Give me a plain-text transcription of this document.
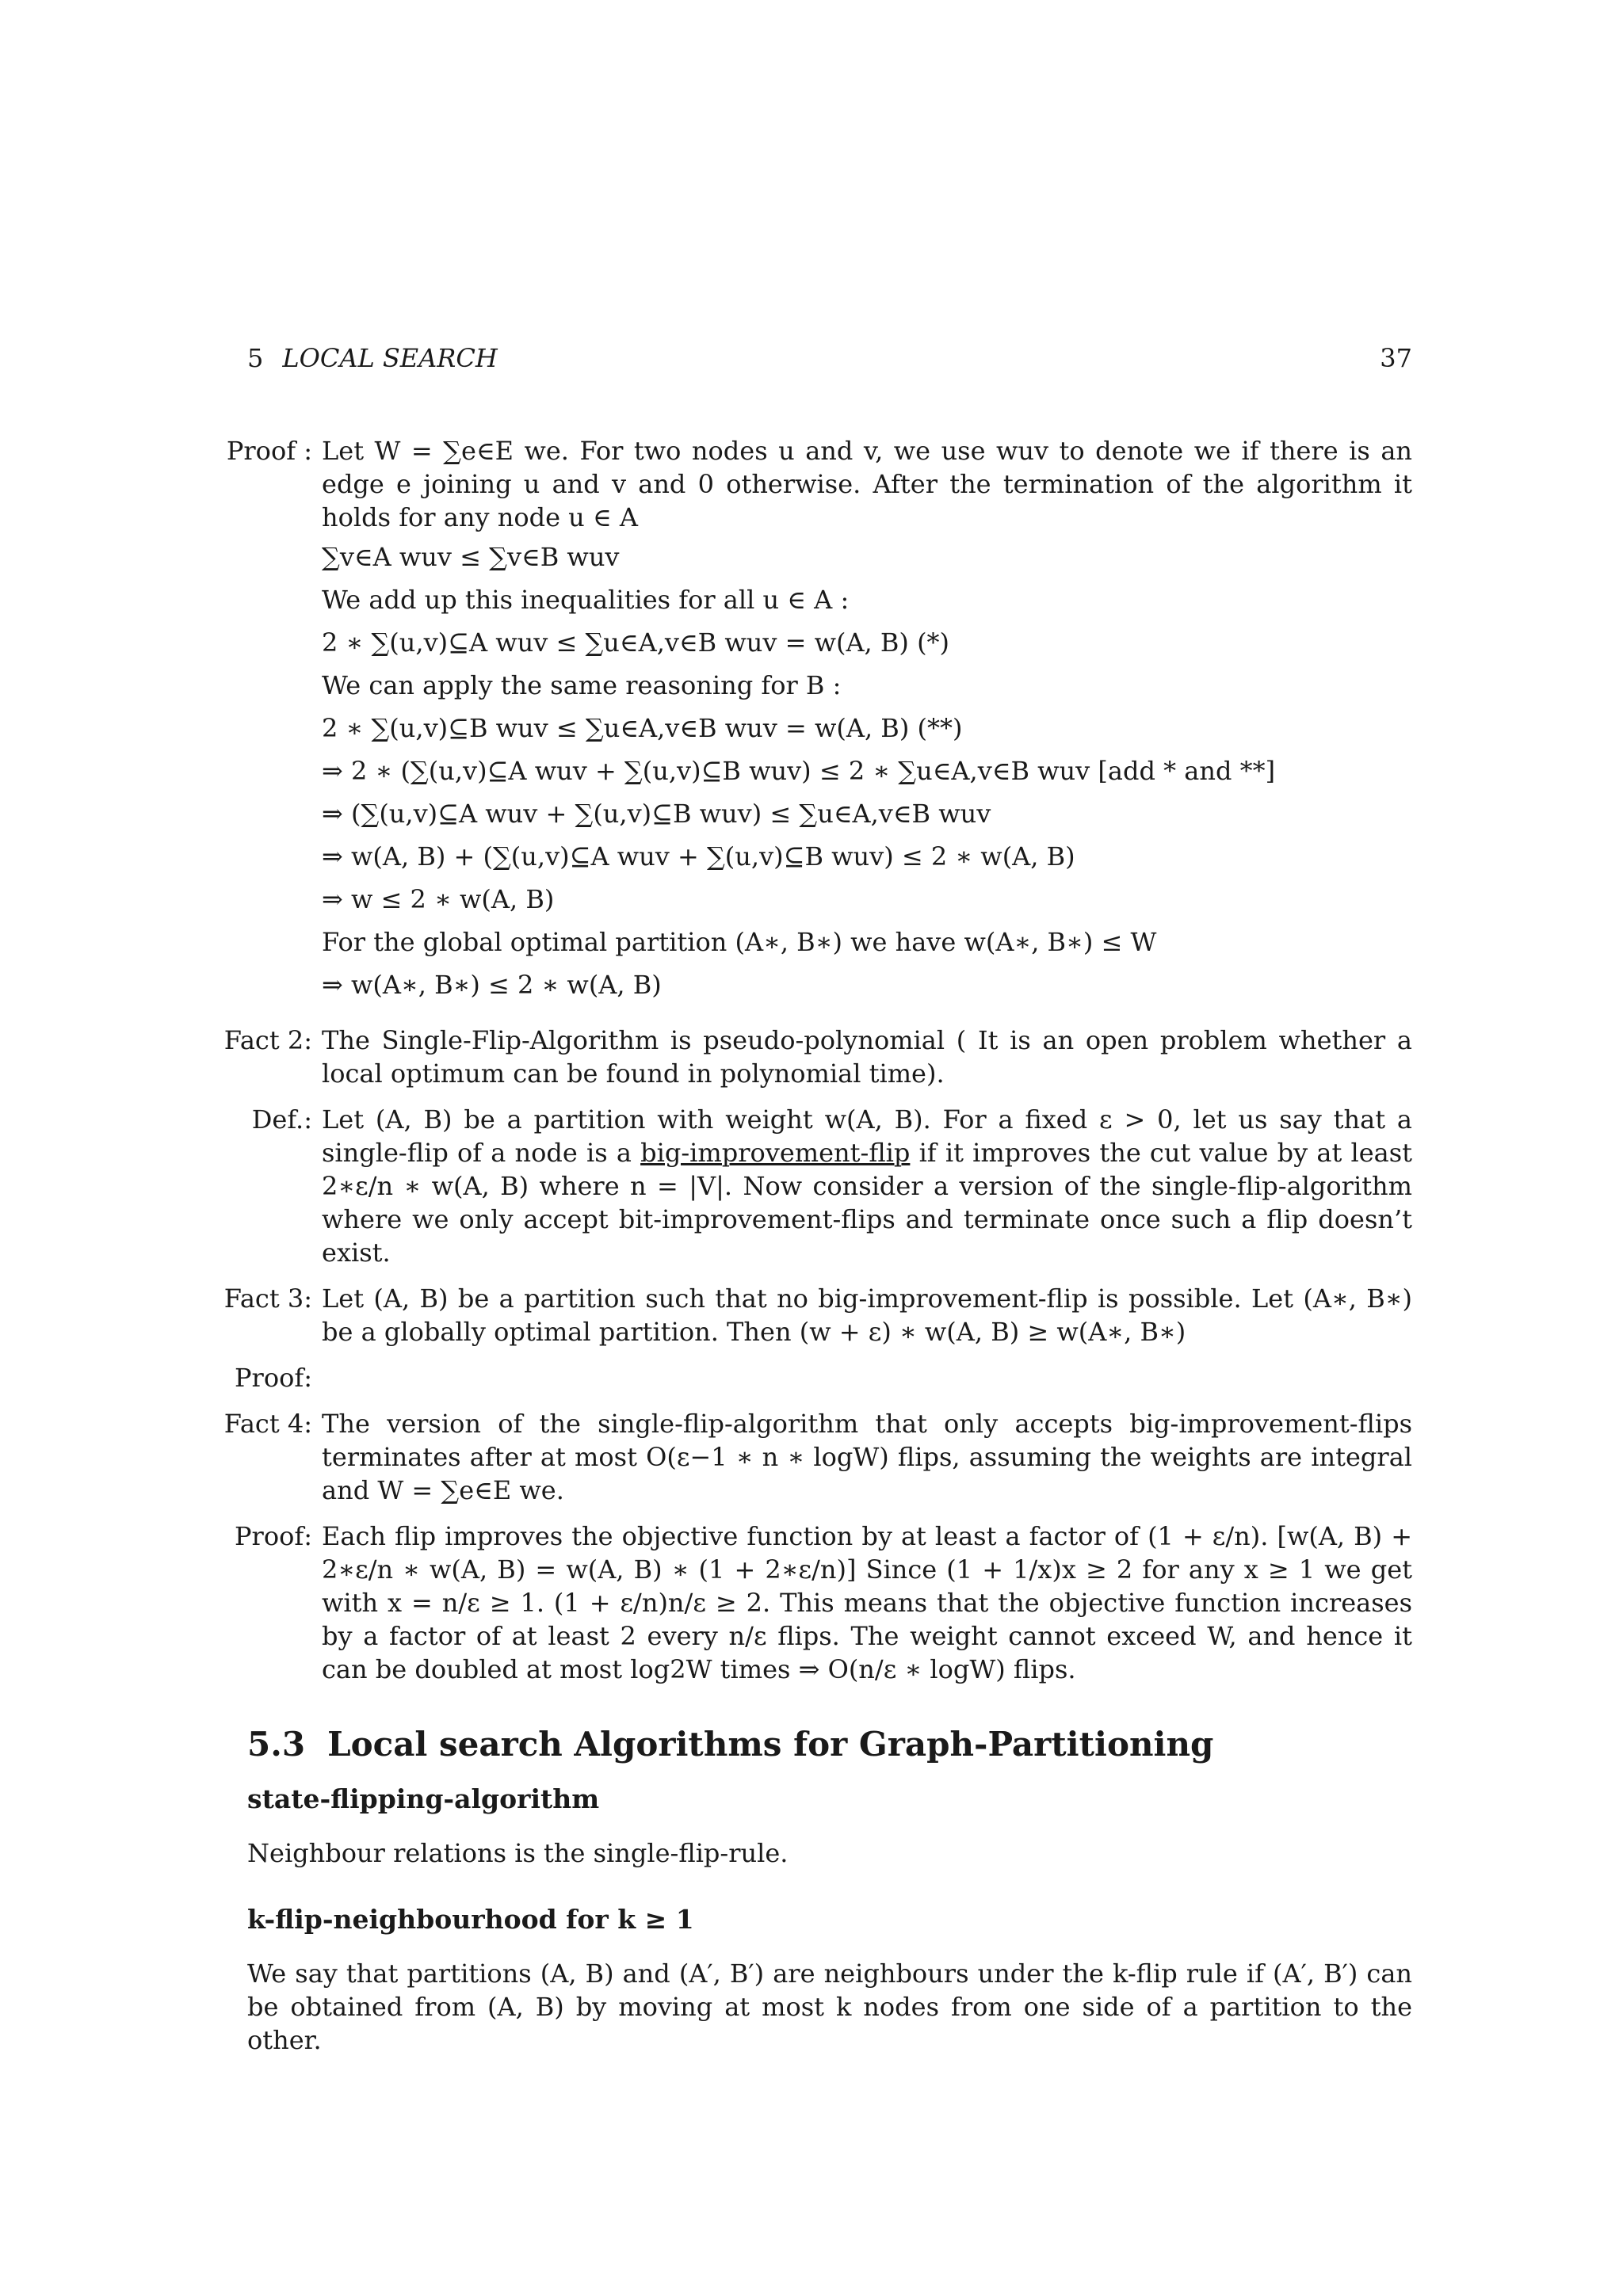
5 LOCAL SEARCH	37
Proof : Let W = ∑e∈E we. For two nodes u and v, we use wuv to denote we if there is an edge e joining u and v and 0 otherwise. After the termination of the algorithm it holds for any node u ∈ A
∑v∈A wuv ≤ ∑v∈B wuv
We add up this inequalities for all u ∈ A :
2 ∗ ∑(u,v)⊆A wuv ≤ ∑u∈A,v∈B wuv = w(A, B) (*)
We can apply the same reasoning for B :
2 ∗ ∑(u,v)⊆B wuv ≤ ∑u∈A,v∈B wuv = w(A, B) (**)
⇒ 2 ∗ (∑(u,v)⊆A wuv + ∑(u,v)⊆B wuv) ≤ 2 ∗ ∑u∈A,v∈B wuv [add * and **]
⇒ (∑(u,v)⊆A wuv + ∑(u,v)⊆B wuv) ≤ ∑u∈A,v∈B wuv
⇒ w(A, B) + (∑(u,v)⊆A wuv + ∑(u,v)⊆B wuv) ≤ 2 ∗ w(A, B)
⇒ w ≤ 2 ∗ w(A, B)
For the global optimal partition (A∗, B∗) we have w(A∗, B∗) ≤ W
⇒ w(A∗, B∗) ≤ 2 ∗ w(A, B)
Fact 2: The Single-Flip-Algorithm is pseudo-polynomial ( It is an open problem whether a local optimum can be found in polynomial time).
Def.: Let (A, B) be a partition with weight w(A, B). For a fixed ε > 0, let us say that a single-flip of a node is a big-improvement-flip if it improves the cut value by at least 2∗ε/n ∗ w(A, B) where n = |V|. Now consider a version of the single-flip-algorithm where we only accept bit-improvement-flips and terminate once such a flip doesn’t exist.
Fact 3: Let (A, B) be a partition such that no big-improvement-flip is possible. Let (A∗, B∗) be a globally optimal partition. Then (w + ε) ∗ w(A, B) ≥ w(A∗, B∗)
Proof:
Fact 4: The version of the single-flip-algorithm that only accepts big-improvement-flips terminates after at most O(ε−1 ∗ n ∗ logW) flips, assuming the weights are integral and W = ∑e∈E we.
Proof: Each flip improves the objective function by at least a factor of (1 + ε/n). [w(A, B) + 2∗ε/n ∗ w(A, B) = w(A, B) ∗ (1 + 2∗ε/n)] Since (1 + 1/x)x ≥ 2 for any x ≥ 1 we get with x = n/ε ≥ 1. (1 + ε/n)n/ε ≥ 2. This means that the objective function increases by a factor of at least 2 every n/ε flips. The weight cannot exceed W, and hence it can be doubled at most log2W times ⇒ O(n/ε ∗ logW) flips.
5.3 Local search Algorithms for Graph-Partitioning
state-flipping-algorithm
Neighbour relations is the single-flip-rule.
k-flip-neighbourhood for k ≥ 1
We say that partitions (A, B) and (A′, B′) are neighbours under the k-flip rule if (A′, B′) can be obtained from (A, B) by moving at most k nodes from one side of a partition to the other.
